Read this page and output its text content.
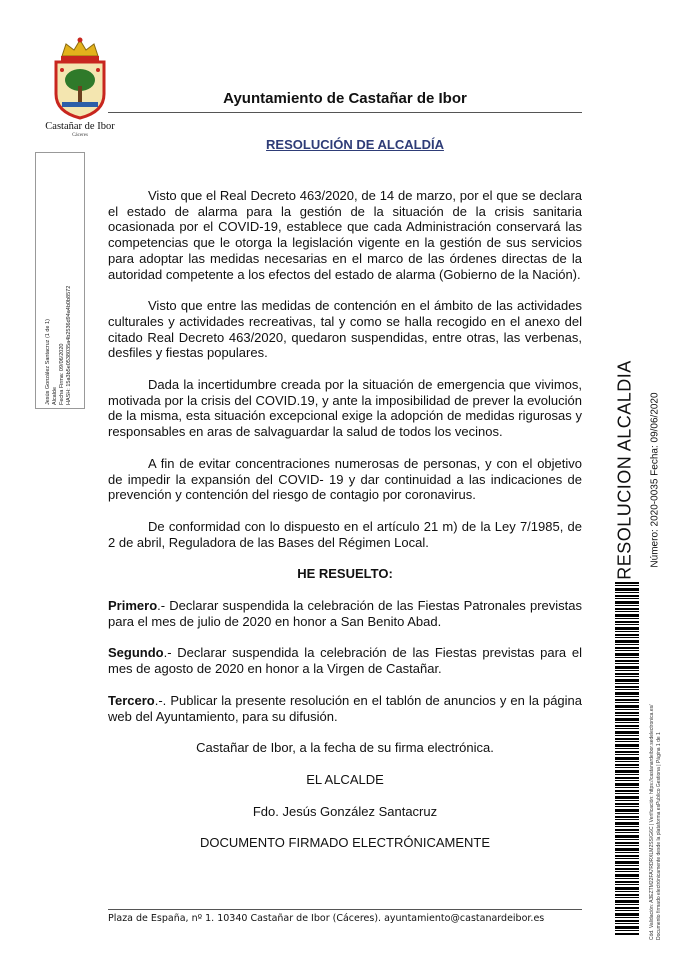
Castañar de Ibor
Cáceres
Ayuntamiento de Castañar de Ibor
RESOLUCIÓN DE ALCALDÍA
Jesús González Santacruz (1 de 1) Alcalde Fecha Firma: 09/06/2020 HASH: 15a3b5e0538035a4b2536d94a4b0b8572
RESOLUCION ALCALDIA Número: 2020-0035 Fecha: 09/06/2020
Cód. Validación: A3EZTM22FA7RDRXLM2SS/G6C | Verificación: https://castanardeibor.sedelectronica.es/ Documento firmado electrónicamente desde la plataforma esPublico Gestiona | Página 1 de 1

Visto que el Real Decreto 463/2020, de 14 de marzo, por el que se declara el estado de alarma para la gestión de la situación de la crisis sanitaria ocasionada por el COVID-19, establece que cada Administración conservará las competencias que le otorga la legislación vigente en la gestión de sus servicios para adoptar las medidas necesarias en el marco de las órdenes directas de la autoridad competente a los efectos del estado de alarma (Gobierno de la Nación).

Visto que entre las medidas de contención en el ámbito de las actividades culturales y actividades recreativas, tal y como se halla recogido en el anexo del citado Real Decreto 463/2020, quedaron suspendidas, entre otras, las verbenas, desfiles y fiestas populares.

Dada la incertidumbre creada por la situación de emergencia que vivimos, motivada por la crisis del COVID.19, y ante la imposibilidad de prever la evolución de la misma, esta situación excepcional exige la adopción de medidas rigurosas y responsables en aras de salvaguardar la salud de todos los vecinos.

A fin de evitar concentraciones numerosas de personas, y con el objetivo de impedir la expansión del COVID- 19 y dar continuidad a las indicaciones de prevención y contención del riesgo de contagio por coronavirus.

De conformidad con lo dispuesto en el artículo 21 m) de la Ley 7/1985, de 2 de abril, Reguladora de las Bases del Régimen Local.

HE RESUELTO:

Primero.- Declarar suspendida la celebración de las Fiestas Patronales previstas para el mes de julio de 2020 en honor a San Benito Abad.

Segundo.- Declarar suspendida la celebración de las Fiestas previstas para el mes de agosto de 2020 en honor a la Virgen de Castañar.

Tercero.-. Publicar la presente resolución en el tablón de anuncios y en la página web del Ayuntamiento, para su difusión.

Castañar de Ibor, a la fecha de su firma electrónica.

EL ALCALDE

Fdo. Jesús González Santacruz

DOCUMENTO FIRMADO ELECTRÓNICAMENTE

Plaza de España, nº 1. 10340 Castañar de Ibor (Cáceres). ayuntamiento@castanardeibor.es
